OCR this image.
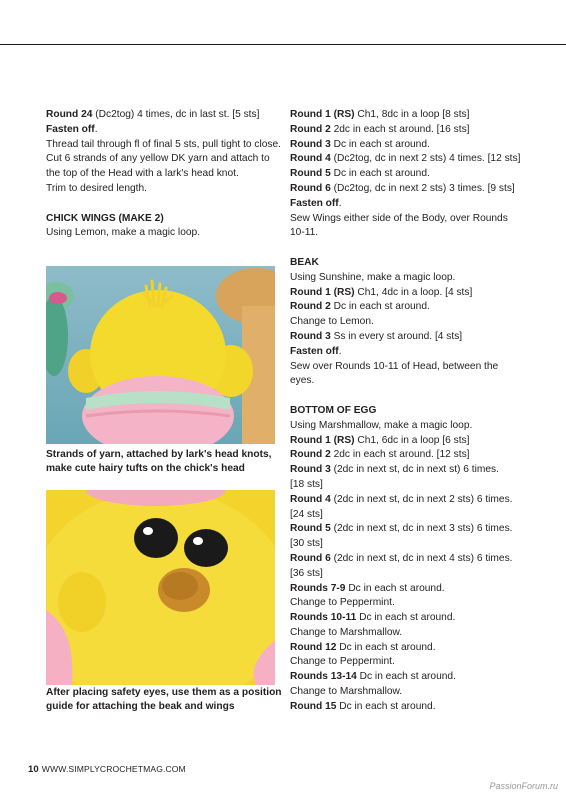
Round 24 (Dc2tog) 4 times, dc in last st. [5 sts]
Fasten off.
Thread tail through fl of final 5 sts, pull tight to close.
Cut 6 strands of any yellow DK yarn and attach to
the top of the Head with a lark's head knot.
Trim to desired length.
CHICK WINGS (MAKE 2)
Using Lemon, make a magic loop.
Strands of yarn, attached by lark's head knots,
make cute hairy tufts on the chick's head
After placing safety eyes, use them as a position
guide for attaching the beak and wings
Round 1 (RS) Ch1, 8dc in a loop [8 sts]
Round 2 2dc in each st around. [16 sts]
Round 3 Dc in each st around.
Round 4 (Dc2tog, dc in next 2 sts) 4 times. [12 sts]
Round 5 Dc in each st around.
Round 6 (Dc2tog, dc in next 2 sts) 3 times. [9 sts]
Fasten off.
Sew Wings either side of the Body, over Rounds
10-11.
BEAK
Using Sunshine, make a magic loop.
Round 1 (RS) Ch1, 4dc in a loop. [4 sts]
Round 2 Dc in each st around.
Change to Lemon.
Round 3 Ss in every st around. [4 sts]
Fasten off.
Sew over Rounds 10-11 of Head, between the
eyes.
BOTTOM OF EGG
Using Marshmallow, make a magic loop.
Round 1 (RS) Ch1, 6dc in a loop [6 sts]
Round 2 2dc in each st around. [12 sts]
Round 3 (2dc in next st, dc in next st) 6 times.
[18 sts]
Round 4 (2dc in next st, dc in next 2 sts) 6 times.
[24 sts]
Round 5 (2dc in next st, dc in next 3 sts) 6 times.
[30 sts]
Round 6 (2dc in next st, dc in next 4 sts) 6 times.
[36 sts]
Rounds 7-9 Dc in each st around.
Change to Peppermint.
Rounds 10-11 Dc in each st around.
Change to Marshmallow.
Round 12 Dc in each st around.
Change to Peppermint.
Rounds 13-14 Dc in each st around.
Change to Marshmallow.
Round 15 Dc in each st around.
10 WWW.SIMPLYCROCHETMAG.COM
PassionForum.ru
